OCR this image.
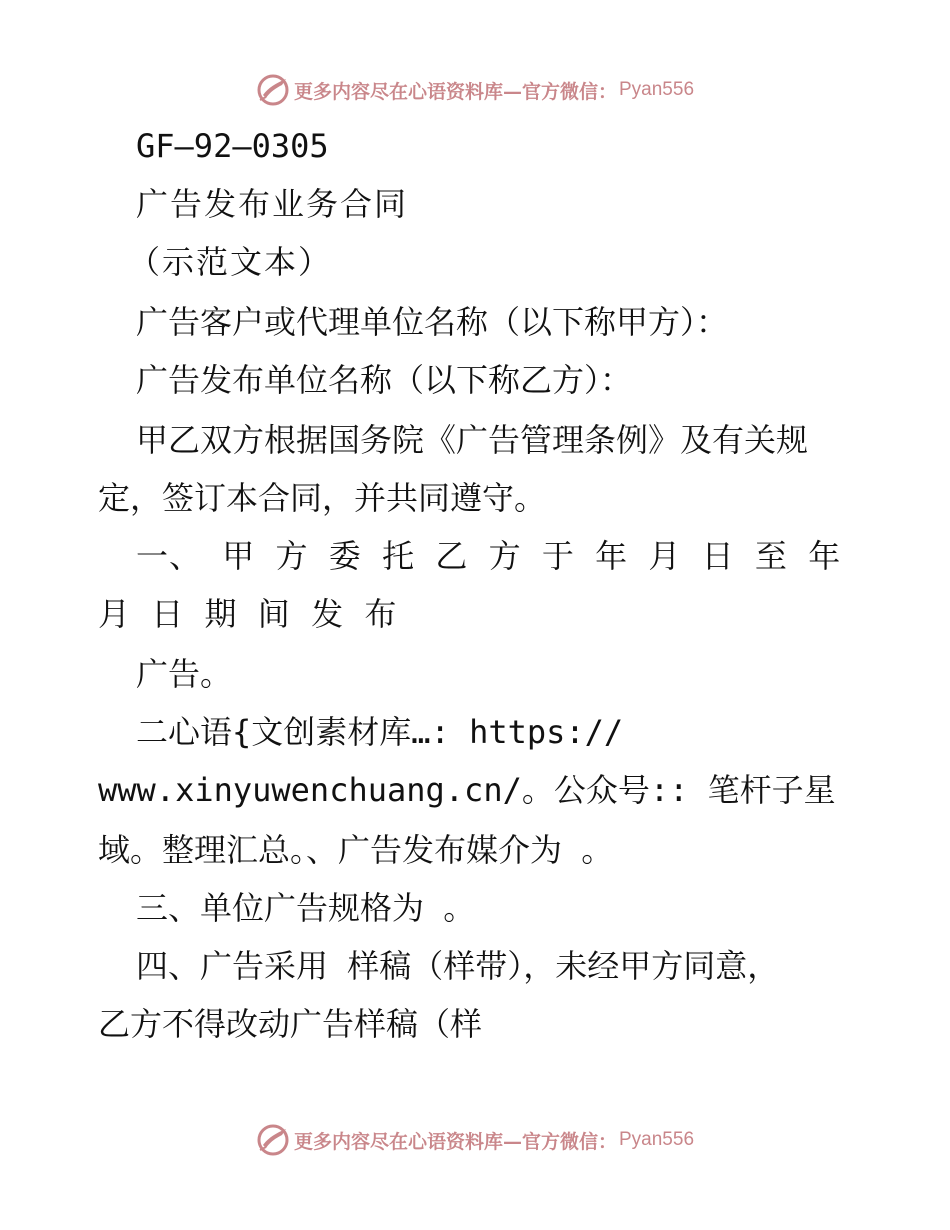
更多内容尽在心语资料库—官方微信： Pyan556
GF—92—0305
广告发布业务合同
（示范文本）
广告客户或代理单位名称（以下称甲方）：
广告发布单位名称（以下称乙方）：
甲乙双方根据国务院《广告管理条例》及有关规
定，签订本合同，并共同遵守。
一、 甲 方 委 托 乙 方 于 年 月 日 至 年
月 日 期 间 发 布
广告。
二心语{文创素材库…: https://
www.xinyuwenchuang.cn/。公众号:: 笔杆子星
域。整理汇总。、广告发布媒介为 。
三、单位广告规格为 。
四、广告采用 样稿（样带），未经甲方同意，
乙方不得改动广告样稿（样
更多内容尽在心语资料库—官方微信： Pyan556
